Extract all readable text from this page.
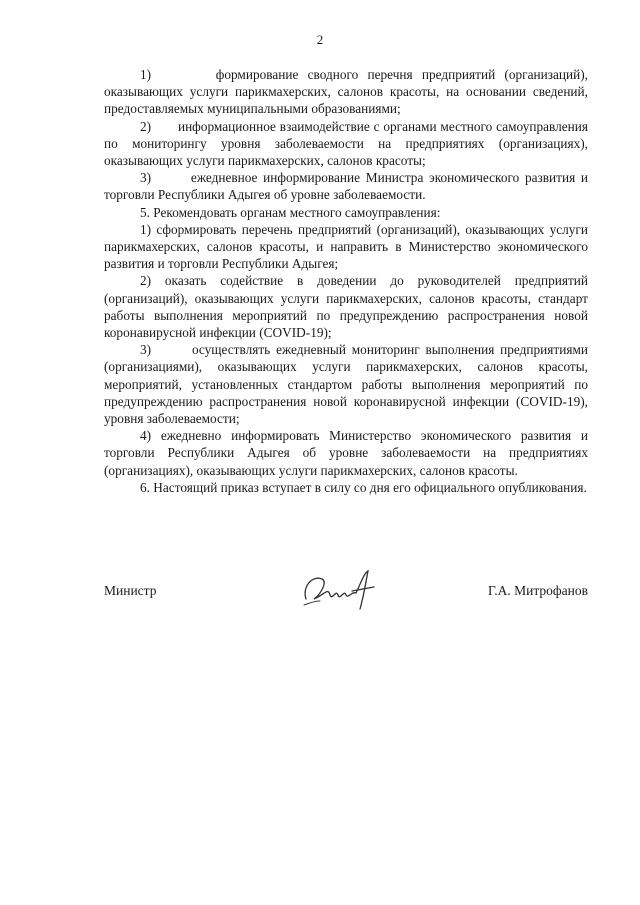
2

1)       формирование сводного перечня предприятий (организаций), оказывающих услуги парикмахерских, салонов красоты, на основании сведений, предоставляемых муниципальными образованиями;

2)       информационное взаимодействие с органами местного самоуправления по мониторингу уровня заболеваемости на предприятиях (организациях), оказывающих услуги парикмахерских, салонов красоты;

3)       ежедневное информирование Министра экономического развития и торговли Республики Адыгея об уровне заболеваемости.

5. Рекомендовать органам местного самоуправления:

1) сформировать перечень предприятий (организаций), оказывающих услуги парикмахерских, салонов красоты, и направить в Министерство экономического развития и торговли Республики Адыгея;

2) оказать содействие в доведении до руководителей предприятий (организаций), оказывающих услуги парикмахерских, салонов красоты, стандарт работы выполнения мероприятий по предупреждению распространения новой коронавирусной инфекции (COVID-19);

3)       осуществлять ежедневный мониторинг выполнения предприятиями (организациями), оказывающих услуги парикмахерских, салонов красоты, мероприятий, установленных стандартом работы выполнения мероприятий по предупреждению распространения новой коронавирусной инфекции (COVID-19), уровня заболеваемости;

4) ежедневно информировать Министерство экономического развития и торговли Республики Адыгея об уровне заболеваемости на предприятиях (организациях), оказывающих услуги парикмахерских, салонов красоты.

6. Настоящий приказ вступает в силу со дня его официального опубликования.

Министр	Г.А. Митрофанов
